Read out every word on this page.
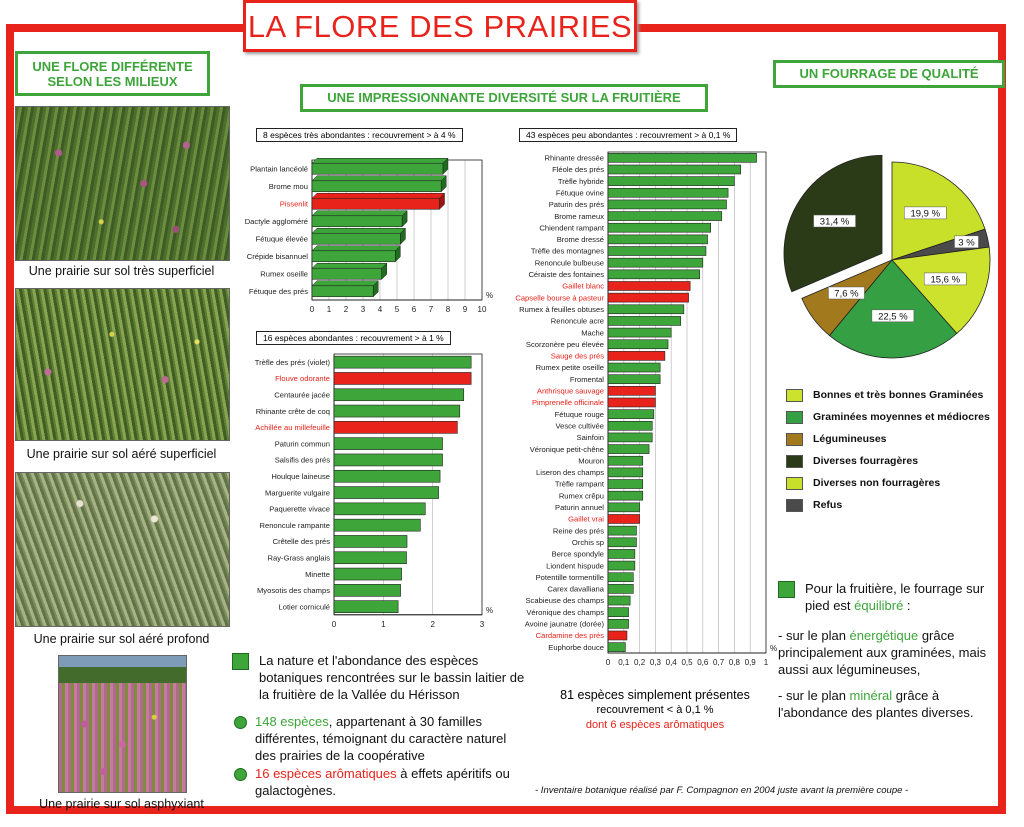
LA FLORE DES PRAIRIES
UNE FLORE DIFFÉRENTE
SELON LES MILIEUX
UNE IMPRESSIONNANTE DIVERSITÉ SUR LA FRUITIÈRE
UN FOURRAGE DE QUALITÉ
Une prairie sur sol très superficiel
Une prairie sur sol aéré superficiel
Une prairie sur sol aéré profond
Une prairie sur sol asphyxiant
8 espèces très abondantes : recouvrement > à 4 %
0 1 2 3 4 5 6 7 8 9 10
%
Plantain lancéolé
Brome mou
Pissenlit
Dactyle aggloméré
Fétuque élevée
Crépide bisannuel
Rumex oseille
Fétuque des prés
16 espèces abondantes : recouvrement > à 1 %
0	1	2	3
%
Trèfle des prés (violet)
Flouve odorante
Centaurée jacée
Rhinante crête de coq
Achillée au millefeuille
Paturin commun
Salsifis des prés
Houlque laineuse
Marguerite vulgaire
Paquerette vivace
Renoncule rampante
Crêtelle des prés
Ray-Grass anglais
Minette
Myosotis des champs
Lotier corniculé
43 espèces peu abondantes : recouvrement > à 0,1 %
0 0,1 0,2 0,3 0,4 0,5 0,6 0,7 0,8 0,9 1
%
Rhinante dressée
Fléole des prés
Trèfle hybride
Fétuque ovine
Paturin des prés
Brome rameux
Chiendent rampant
Brome dressé
Trèfle des montagnes
Renoncule bulbeuse
Céraiste des fontaines
Gaillet blanc
Capselle bourse à pasteur
Rumex à feuilles obtuses
Renoncule acre
Mache
Scorzonère peu élevée
Sauge des prés
Rumex petite oseille
Fromental
Anthrisque sauvage
Pimprenelle officinale
Fétuque rouge
Vesce cultivée
Sainfoin
Véronique petit-chêne
Mouron
Liseron des champs
Trèfle rampant
Rumex crêpu
Paturin annuel
Gaillet vrai
Reine des prés
Orchis sp
Berce spondyle
Liondent hispude
Potentille tormentille
Carex davalliana
Scabieuse des champs
Véronique des champs
Avoine jaunatre (dorée)
Cardamine des prés
Euphorbe douce
81 espèces simplement présentes
recouvrement < à 0,1 %
dont 6 espèces arômatiques
19,9 %
3 %
15,6 %
22,5 %
7,6 %
31,4 %
Bonnes et très bonnes Graminées
Graminées moyennes et médiocres
Légumineuses
Diverses fourragères
Diverses non fourragères
Refus
La nature et l'abondance des espèces botaniques rencontrées sur le bassin laitier de la fruitière de la Vallée du Hérisson
148 espèces, appartenant à 30 familles différentes, témoignant du caractère naturel des prairies de la coopérative
16 espèces arômatiques à effets apéritifs ou galactogènes.
Pour la fruitière, le fourrage sur pied est équilibré :
- sur le plan énergétique grâce principalement aux graminées, mais aussi aux légumineuses,
- sur le plan minéral grâce à l'abondance des plantes diverses.
- Inventaire botanique réalisé par F. Compagnon en 2004 juste avant la première coupe -
